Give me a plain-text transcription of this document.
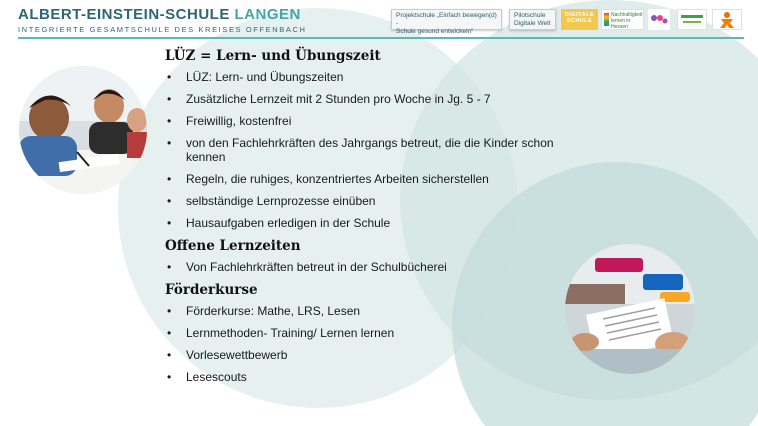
ALBERT-EINSTEIN-SCHULE LANGEN
INTEGRIERTE GESAMTSCHULE DES KREISES OFFENBACH
Projektschule „Einfach bewegen(d) -
Schule gesund entwickeln“
Pilotschule
Digitale Welt
DIGITALE SCHULE
Nachhaltigkeit lernen in Hessen
LÜZ = Lern- und Übungszeit
• LÜZ: Lern- und Übungszeiten
• Zusätzliche Lernzeit mit 2 Stunden pro Woche in Jg. 5 - 7
• Freiwillig, kostenfrei
• von den Fachlehrkräften des Jahrgangs betreut, die die Kinder schon kennen
• Regeln, die ruhiges, konzentriertes Arbeiten sicherstellen
• selbständige Lernprozesse einüben
• Hausaufgaben erledigen in der Schule
Offene Lernzeiten
• Von Fachlehrkräften betreut in der Schulbücherei
Förderkurse
• Förderkurse: Mathe, LRS, Lesen
• Lernmethoden- Training/ Lernen lernen
• Vorlesewettbewerb
• Lesescouts
